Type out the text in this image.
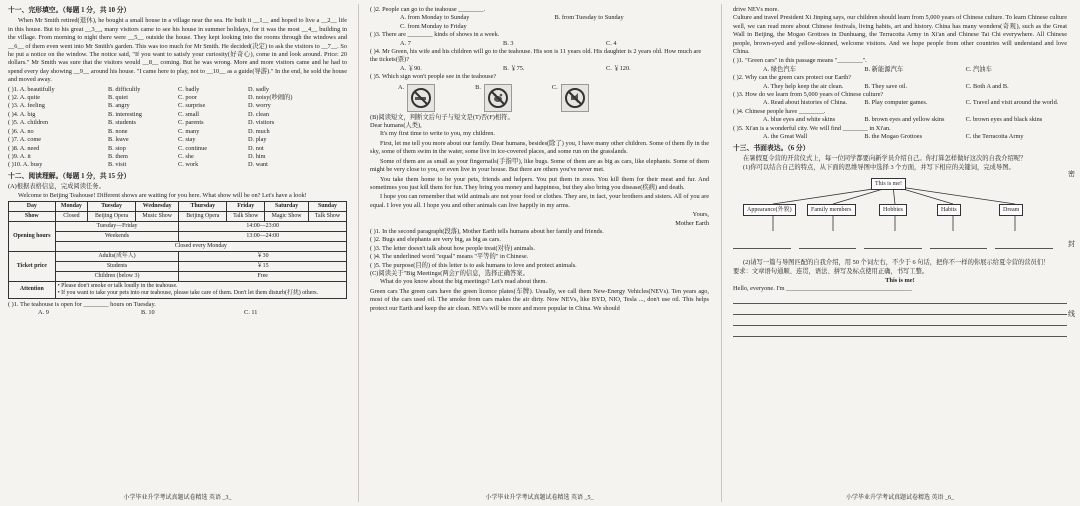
十一、完形填空。（每题 1 分，共 10 分）

When Mr Smith retired(退休), he bought a small house in a village near the sea. He built it __1__ and hoped to live a __2__ life in this house. But to his great __3__, many visitors came to see his house in summer holidays, for it was the most __4__ building in the village. From morning to night there were __5__ outside the house. They kept looking into the rooms through the windows and __6__ of them even went into Mr Smith's garden. This was too much for Mr Smith. He decided(决定) to ask the visitors to __7__. So he put a notice on the window. The notice said, "If you want to satisfy your curiosity(好奇心), come in and look around. Price: 20 dollars." Mr Smith was sure that the visitors would __8__ coming. But he was wrong. More and more visitors came and he had to spend every day showing __9__ around his house. "I came here to play, not to __10__ as a guide(导游)." In the end, he sold the house and moved away.

( )1. A. beautifully	B. difficultly	C. badly	D. sadly
( )2. A. quite	B. quiet	C. poor	D. noisy(吵闹的)
( )3. A. feeling	B. angry	C. surprise	D. worry
( )4. A. big	B. interesting	C. small	D. clean
( )5. A. children	B. students	C. parents	D. visitors
( )6. A. no	B. none	C. many	D. much
( )7. A. come	B. leave	C. stay	D. play
( )8. A. need	B. stop	C. continue	D. not
( )9. A. it	B. them	C. she	D. him
( )10. A. busy	B. visit	C. work	D. want
十二、阅读理解。（每题 1 分，共 15 分）
(A)根据表格信息，完成阅读任务。

Welcome to Beijing Teahouse! Different shows are waiting for you here. What show will be on? Let's have a look!

Day	Monday	Tuesday	Wednesday	Thursday	Friday	Saturday	Sunday
Show	Closed	Beijing Opera	Music Show	Beijing Opera	Talk Show	Magic Show	Talk Show
Opening hours	Tuesday—Friday			14:00—23:00			
	Weekends			13:00—24:00			
	Closed every Monday						
Ticket price	Adults(成年人)			￥30			
	Students			￥15			
	Children (below 3)			Free			
Attention	• Please don't smoke or talk loudly in the teahouse.
• If you want to take your pets into our teahouse, please take care of them. Don't let them disturb(打扰) others.						
( )1. The teahouse is open for ________ hours on Tuesday.
A. 9	B. 10	C. 11
小学毕业升学考试真题试卷精选 英语 _3_
( )2. People can go to the teahouse ________.
A. from Monday to Sunday	B. from Tuesday to Sunday
C. from Monday to Friday
( )3. There are ________ kinds of shows in a week.
A. 7	B. 3	C. 4
( )4. Mr Green, his wife and his children will go to the teahouse. His son is 11 years old. His daughter is 2 years old. How much are the tickets(票)?
A. ￥90.	B. ￥75.	C. ￥120.
( )5. Which sign won't people see in the teahouse?
A.	B.	C.
(B)阅读短文，判断文后句子与短文是(T)否(F)相符。
Dear humans(人类),

It's my first time to write to you, my children.

First, let me tell you more about our family. Dear humans, besides(除了) you, I have many other children. Some of them fly in the sky, some of them swim in the water, some live in ice-covered places, and some run on the grasslands.

Some of them are as small as your fingernails(手指甲), like bugs. Some of them are as big as cars, like elephants. Some of them might be very close to you, or even live in your house. But there are others you've never met.

You take them home to be your pets, friends and helpers. You put them in zoos. You kill them for their meat and fur. And sometimes you just kill them for fun. They bring you money and happiness, but they also bring you disease(疾病) and death.

I hope you can remember that wild animals are not your food or clothes. They are, in fact, your brothers and sisters. All of you are equal. I love you all. I hope you and other animals can live happily in my arms.

Yours,
Mother Earth
( )1. In the second paragraph(段落), Mother Earth tells humans about her family and friends.
( )2. Bugs and elephants are very big, as big as cars.
( )3. The letter doesn't talk about how people treat(对待) animals.
( )4. The underlined word "equal" means "平等的" in Chinese.
( )5. The purpose(目的) of this letter is to ask humans to love and protect animals.
(C)阅读关于"Big Meetings(两会)"的信息，选择正确答案。

What do you know about the big meetings? Let's read about them.

Green cars The green cars have the green licence plates(车牌). Usually, we call them New-Energy Vehicles(NEVs). Ten years ago, most of the cars used oil. The smoke from cars makes the air dirty. Now NEVs, like BYD, NIO, Tesla ..., don't use oil. This helps protect our Earth and keep the air clean. NEVs will be more and more popular in China. We should

小学毕业升学考试真题试卷精选 英语 _5_
drive NEVs more.

Culture and travel President Xi Jinping says, our children should learn from 5,000 years of Chinese culture. To learn Chinese culture well, we can read more about Chinese festivals, living habits, art and history. China has many wonders(奇观), such as the Great Wall in Beijing, the Mogao Grottoes in Dunhuang, the Terracotta Army in Xi'an and Chinese Tai Chi everywhere. All Chinese people, brown-eyed and yellow-skinned, welcome visitors. And we hope people from other countries will understand and love China.

( )1. "Green cars" in this passage means "________".
A. 绿色汽车	B. 新能源汽车	C. 汽油车
( )2. Why can the green cars protect our Earth?
A. They help keep the air clean.	B. They save oil.	C. Both A and B.
( )3. How do we learn from 5,000 years of Chinese culture?
A. Read about histories of China.	B. Play computer games.	C. Travel and visit around the world.
( )4. Chinese people have ________.
A. blue eyes and white skins	B. brown eyes and yellow skins	C. brown eyes and black skins
( )5. Xi'an is a wonderful city. We will find ________ in Xi'an.
A. the Great Wall	B. the Mogao Grottoes	C. the Terracotta Army
十三、书面表达。（6 分）

在暑假夏令营的开营仪式上，每一位同学都要向新学员介绍自己。你打算怎样做好这次的自我介绍呢？

(1)你可以结合自己的特点，从下面的思维导图中选择 3 个方面，并写下相应的关键词，完成导图。

This is me!
Appearance(外貌)	Family members	Hobbies	Habits	Dream

(2)请写一篇与导图匹配的自我介绍，用 50 个词左右，不少于 6 句话，把你不一样的你展示给夏令营的营员们！

要求：文章语句通顺、连贯，语法、拼写及标点使用正确，书写工整。
This is me!
Hello, everyone. I'm ________________________________________
密
封
线
小学毕业升学考试真题试卷精选 英语 _6_
